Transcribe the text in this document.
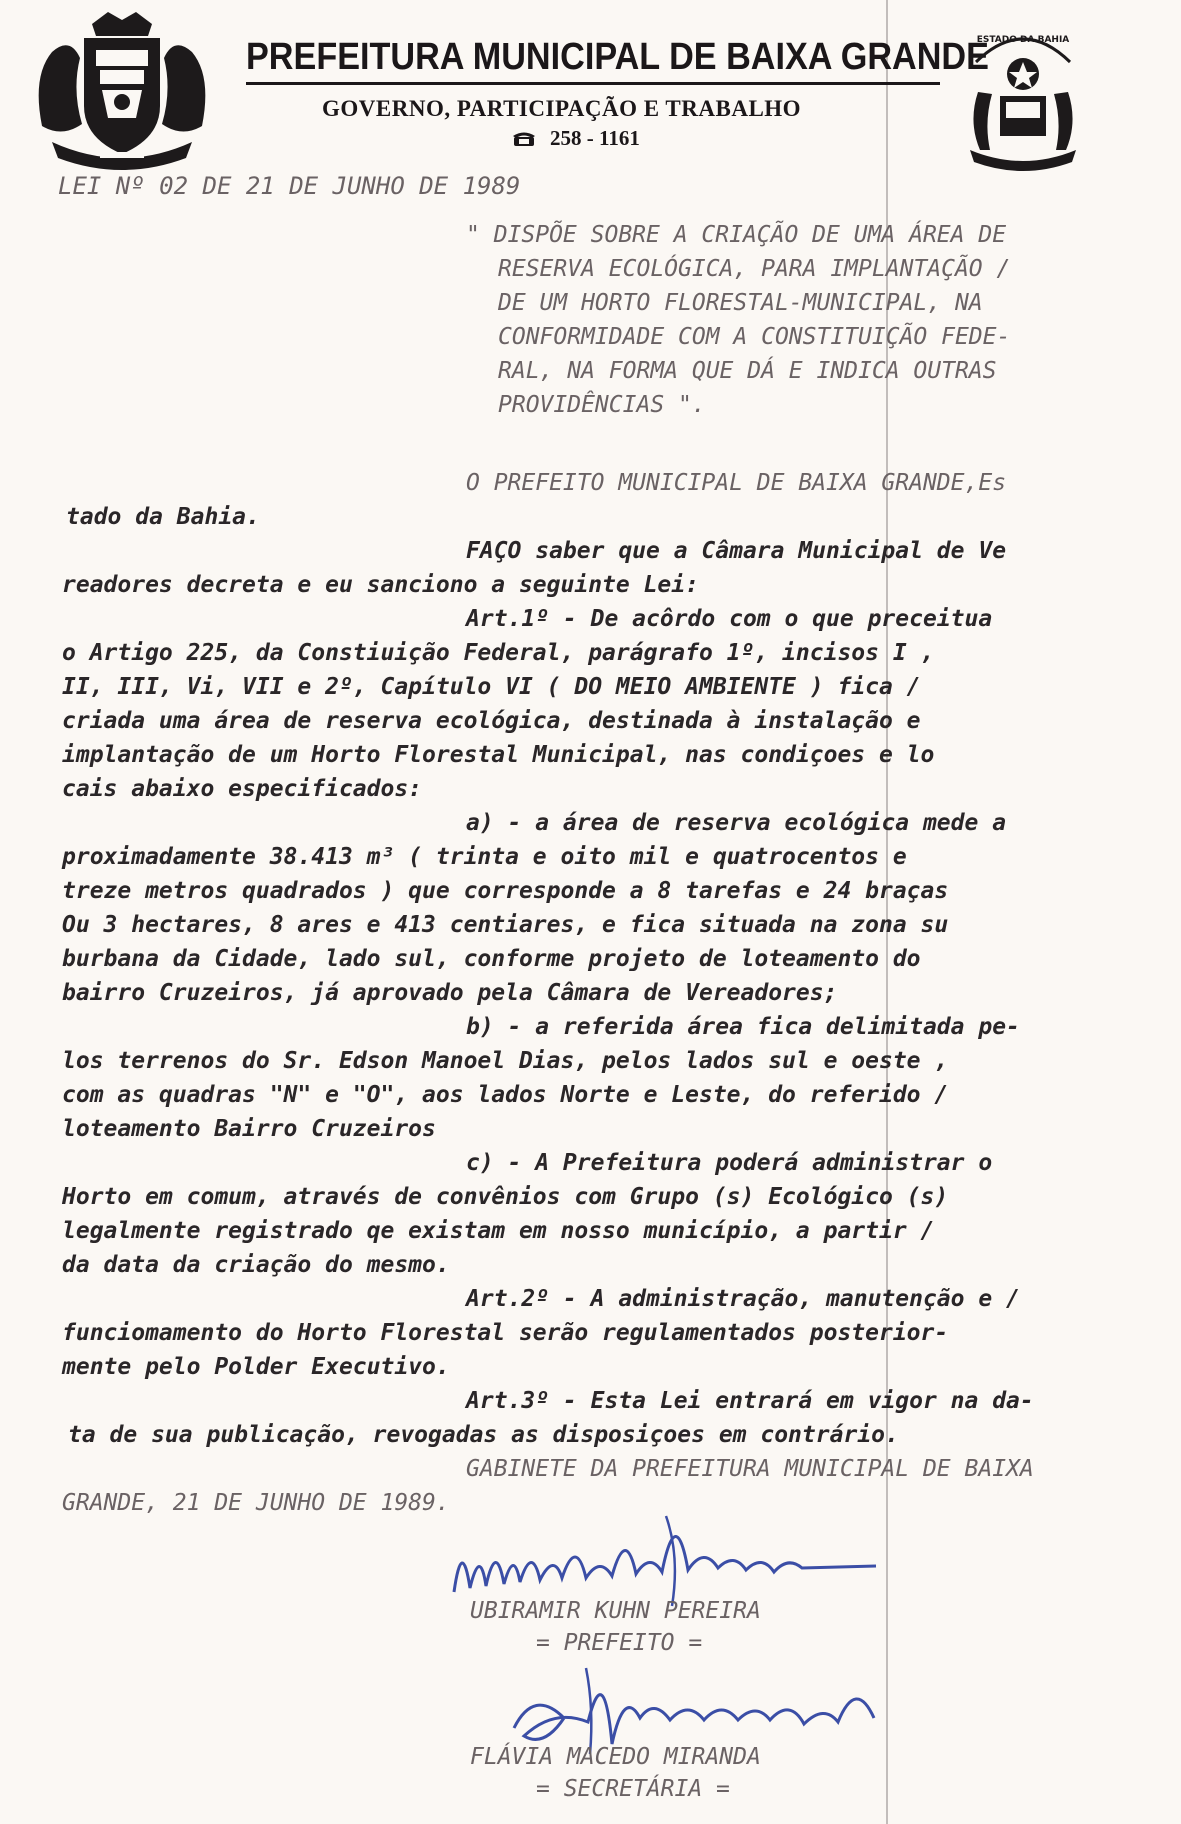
PREFEITURA MUNICIPAL DE BAIXA GRANDE
GOVERNO, PARTICIPAÇÃO E TRABALHO
258 - 1161
ESTADO DA BAHIA
LEI Nº 02 DE 21 DE JUNHO DE 1989
" DISPÕE SOBRE A CRIAÇÃO DE UMA ÁREA DE
RESERVA ECOLÓGICA, PARA IMPLANTAÇÃO /
DE UM HORTO FLORESTAL-MUNICIPAL, NA
CONFORMIDADE COM A CONSTITUIÇÃO FEDE-
RAL, NA FORMA QUE DÁ E INDICA OUTRAS
PROVIDÊNCIAS ".
O PREFEITO MUNICIPAL DE BAIXA GRANDE,Es
tado da Bahia.
FAÇO saber que a Câmara Municipal de Ve
readores decreta e eu sanciono a seguinte Lei:
Art.1º - De acôrdo com o que preceitua
o Artigo 225, da Constiuição Federal, parágrafo 1º, incisos I ,
II, III, Vi, VII e 2º, Capítulo VI ( DO MEIO AMBIENTE ) fica /
criada uma área de reserva ecológica, destinada à instalação e
implantação de um Horto Florestal Municipal, nas condiçoes e lo
cais abaixo especificados:
a) - a área de reserva ecológica mede a
proximadamente 38.413 m³ ( trinta e oito mil e quatrocentos e
treze metros quadrados ) que corresponde a 8 tarefas e 24 braças
Ou 3 hectares, 8 ares e 413 centiares, e fica situada na zona su
burbana da Cidade, lado sul, conforme projeto de loteamento do
bairro Cruzeiros, já aprovado pela Câmara de Vereadores;
b) - a referida área fica delimitada pe-
los terrenos do Sr. Edson Manoel Dias, pelos lados sul e oeste ,
com as quadras "N" e "O", aos lados Norte e Leste, do referido /
loteamento Bairro Cruzeiros
c) - A Prefeitura poderá administrar o
Horto em comum, através de convênios com Grupo (s) Ecológico (s)
legalmente registrado qe existam em nosso município, a partir /
da data da criação do mesmo.
Art.2º - A administração, manutenção e /
funciomamento do Horto Florestal serão regulamentados posterior-
mente pelo Polder Executivo.
Art.3º - Esta Lei entrará em vigor na da-
ta de sua publicação, revogadas as disposiçoes em contrário.
GABINETE DA PREFEITURA MUNICIPAL DE BAIXA
GRANDE, 21 DE JUNHO DE 1989.
UBIRAMIR KUHN PEREIRA
= PREFEITO =
FLÁVIA MACEDO MIRANDA
= SECRETÁRIA =
